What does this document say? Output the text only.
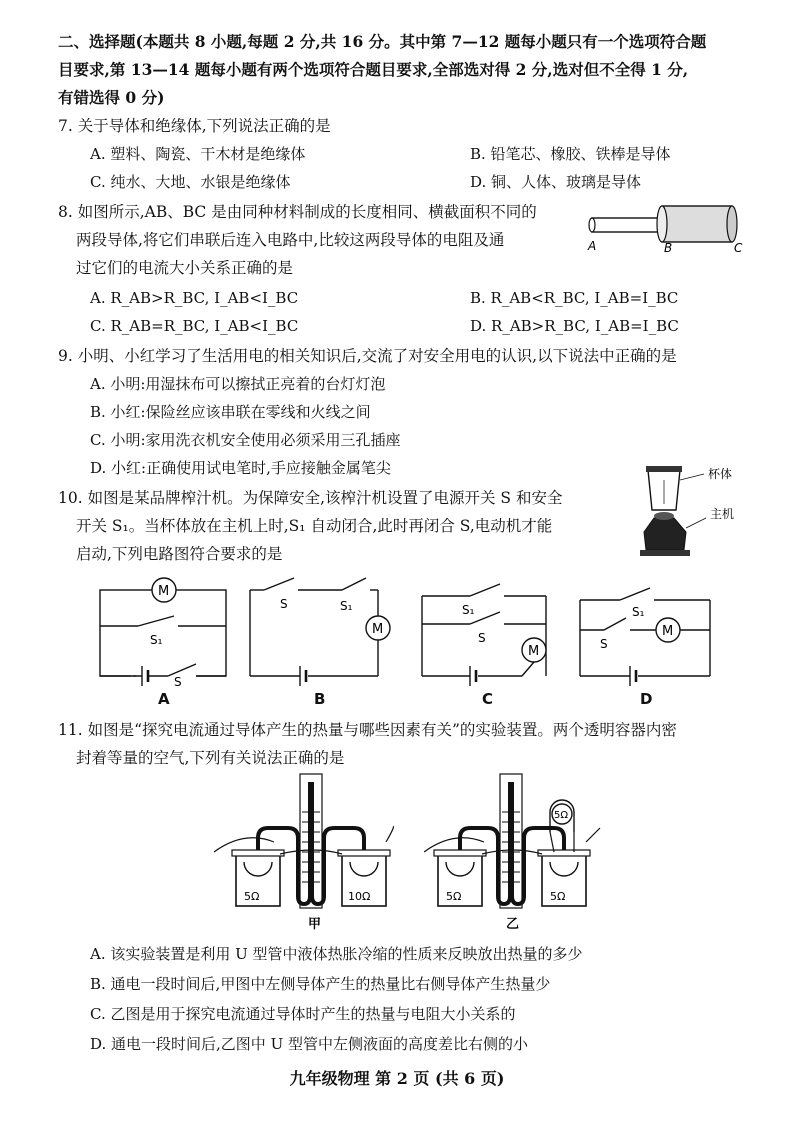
二、选择题(本题共 8 小题,每题 2 分,共 16 分。其中第 7—12 题每小题只有一个选项符合题
目要求,第 13—14 题每小题有两个选项符合题目要求,全部选对得 2 分,选对但不全得 1 分,
有错选得 0 分)
7. 关于导体和绝缘体,下列说法正确的是
A. 塑料、陶瓷、干木材是绝缘体	B. 铅笔芯、橡胶、铁棒是导体
C. 纯水、大地、水银是绝缘体	D. 铜、人体、玻璃是导体
8. 如图所示,AB、BC 是由同种材料制成的长度相同、横截面积不同的
两段导体,将它们串联后连入电路中,比较这两段导体的电阻及通
过它们的电流大小关系正确的是
A	B	C
A. R_AB>R_BC, I_AB<I_BC	B. R_AB<R_BC, I_AB=I_BC
C. R_AB=R_BC, I_AB<I_BC	D. R_AB>R_BC, I_AB=I_BC
9. 小明、小红学习了生活用电的相关知识后,交流了对安全用电的认识,以下说法中正确的是
A. 小明:用湿抹布可以擦拭正亮着的台灯灯泡
B. 小红:保险丝应该串联在零线和火线之间
C. 小明:家用洗衣机安全使用必须采用三孔插座
D. 小红:正确使用试电笔时,手应接触金属笔尖
10. 如图是某品牌榨汁机。为保障安全,该榨汁机设置了电源开关 S 和安全
开关 S₁。当杯体放在主机上时,S₁ 自动闭合,此时再闭合 S,电动机才能
启动,下列电路图符合要求的是
杯体
主机
M
S₁
S
A
M
S	S₁
B
M
S₁
S
C
M
S₁
S
D
11. 如图是“探究电流通过导体产生的热量与哪些因素有关”的实验装置。两个透明容器内密
封着等量的空气,下列有关说法正确的是
5Ω	10Ω
甲
5Ω	5Ω
5Ω
乙
A. 该实验装置是利用 U 型管中液体热胀冷缩的性质来反映放出热量的多少
B. 通电一段时间后,甲图中左侧导体产生的热量比右侧导体产生热量少
C. 乙图是用于探究电流通过导体时产生的热量与电阻大小关系的
D. 通电一段时间后,乙图中 U 型管中左侧液面的高度差比右侧的小
九年级物理 第 2 页 (共 6 页)
